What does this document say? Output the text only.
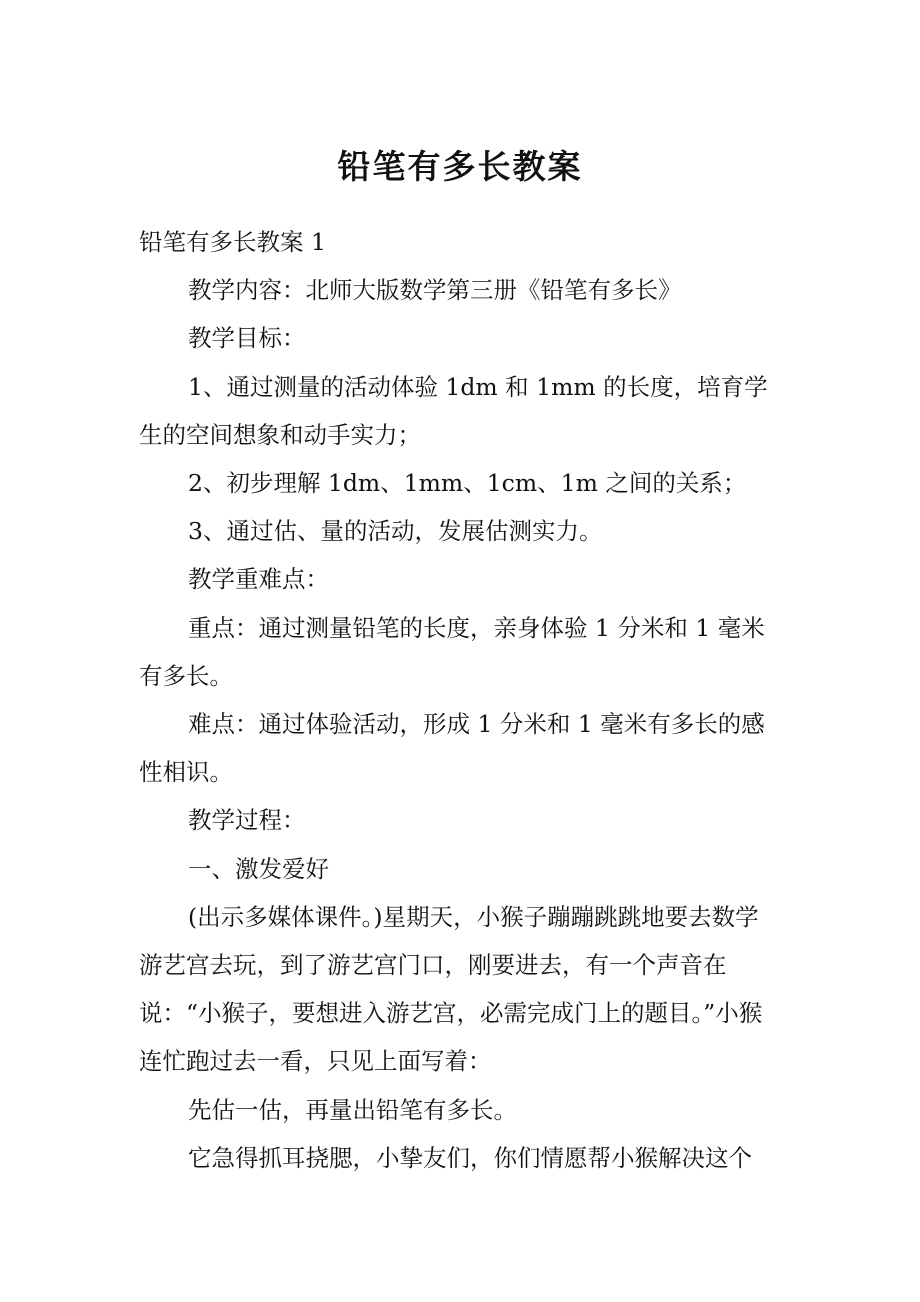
铅笔有多长教案

铅笔有多长教案 1

教学内容：北师大版数学第三册《铅笔有多长》

教学目标：

1、通过测量的活动体验 1dm 和 1mm 的长度，培育学生的空间想象和动手实力；

2、初步理解 1dm、1mm、1cm、1m 之间的关系；

3、通过估、量的活动，发展估测实力。

教学重难点：

重点：通过测量铅笔的长度，亲身体验 1 分米和 1 毫米有多长。

难点：通过体验活动，形成 1 分米和 1 毫米有多长的感性相识。

教学过程：

一、激发爱好

(出示多媒体课件。)星期天，小猴子蹦蹦跳跳地要去数学游艺宫去玩，到了游艺宫门口，刚要进去，有一个声音在说：“小猴子，要想进入游艺宫，必需完成门上的题目。”小猴连忙跑过去一看，只见上面写着：

先估一估，再量出铅笔有多长。

它急得抓耳挠腮，小挚友们，你们情愿帮小猴解决这个
